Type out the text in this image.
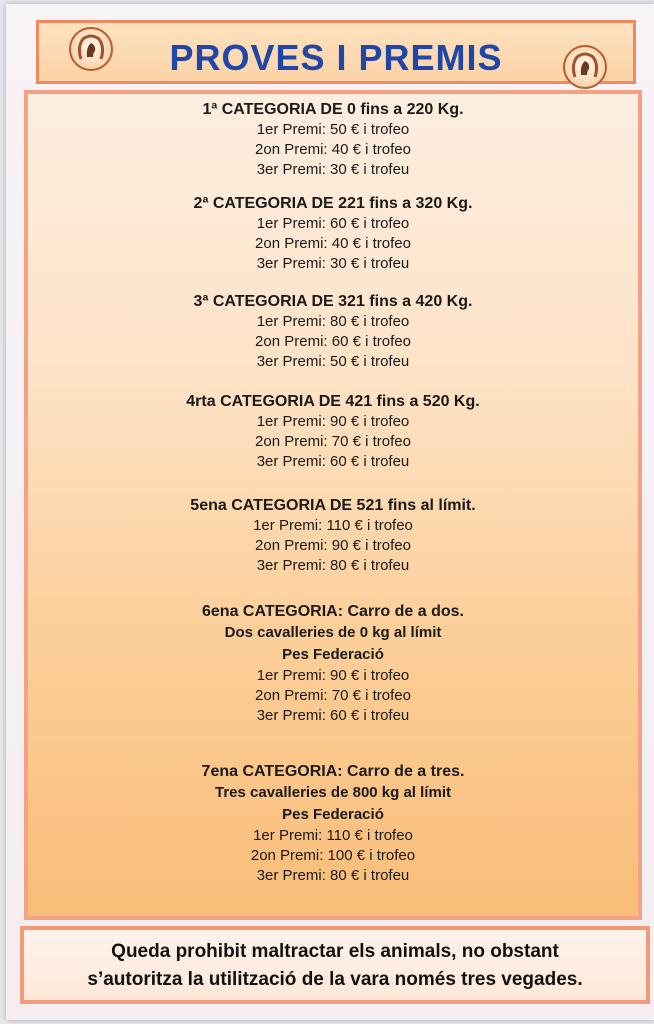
PROVES I PREMIS
1ª CATEGORIA DE 0 fins a 220 Kg.
1er Premi: 50 € i trofeo
2on Premi: 40 € i trofeo
3er Premi: 30 € i trofeu
2ª CATEGORIA DE 221 fins a 320 Kg.
1er Premi: 60 € i trofeo
2on Premi: 40 € i trofeo
3er Premi: 30 € i trofeu
3ª CATEGORIA DE 321 fins a 420 Kg.
1er Premi: 80 € i trofeo
2on Premi: 60 € i trofeo
3er Premi: 50 € i trofeu
4rta CATEGORIA DE 421 fins a 520 Kg.
1er Premi: 90 € i trofeo
2on Premi: 70 € i trofeo
3er Premi: 60 € i trofeu
5ena CATEGORIA DE 521 fins al límit.
1er Premi: 110 € i trofeo
2on Premi: 90 € i trofeo
3er Premi: 80 € i trofeu
6ena CATEGORIA: Carro de a dos.
Dos cavalleries de 0 kg al límit
Pes Federació
1er Premi: 90 € i trofeo
2on Premi: 70 € i trofeo
3er Premi: 60 € i trofeu
7ena CATEGORIA: Carro de a tres.
Tres cavalleries de 800 kg al límit
Pes Federació
1er Premi: 110 € i trofeo
2on Premi: 100 € i trofeo
3er Premi: 80 € i trofeu
Queda prohibit maltractar els animals, no obstant
s’autoritza la utilització de la vara només tres vegades.
